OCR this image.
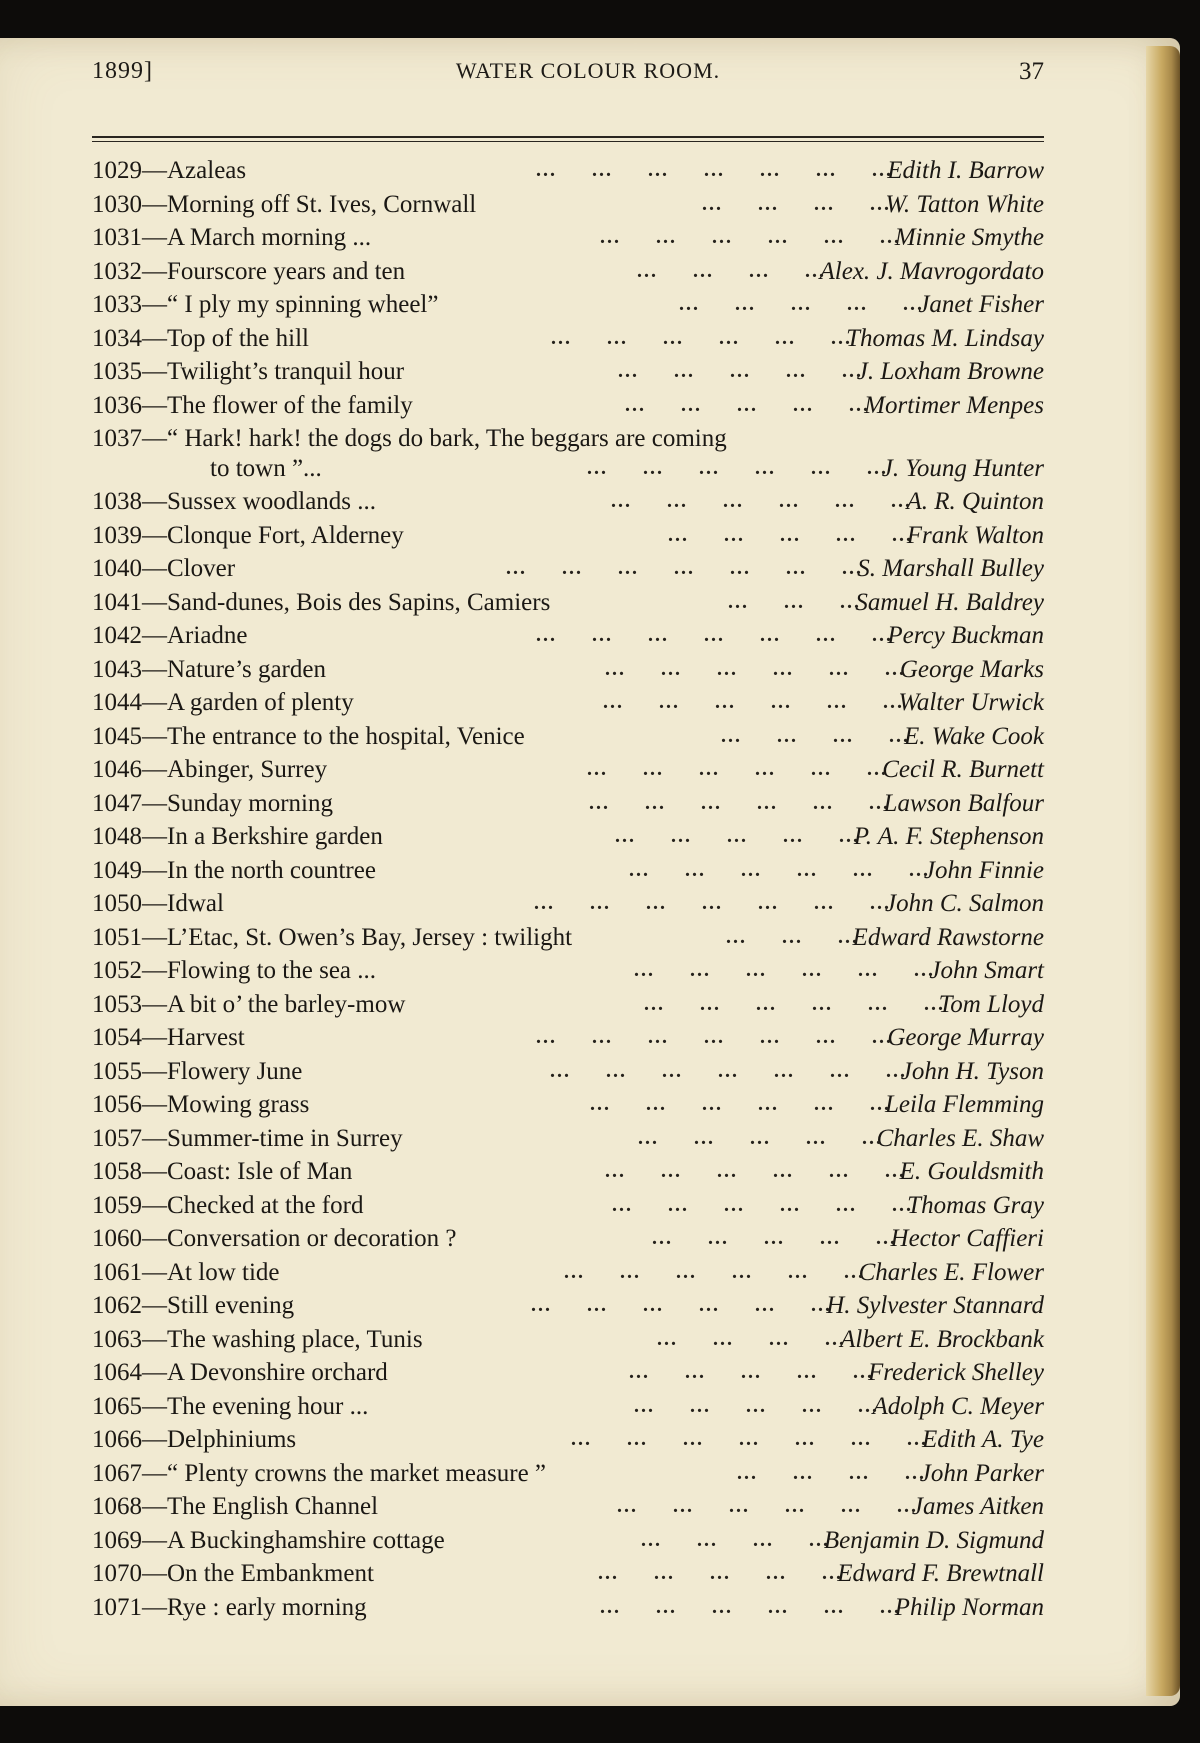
1899]	WATER COLOUR ROOM.	37
1029—Azaleas	Edith I. Barrow
... ... ... ... ... ... ...
1030—Morning off St. Ives, Cornwall	W. Tatton White
... ... ... ...
1031—A March morning ...	Minnie Smythe
... ... ... ... ... ...
1032—Fourscore years and ten	Alex. J. Mavrogordato
... ... ... ...
1033—“ I ply my spinning wheel”	Janet Fisher
... ... ... ... ...
1034—Top of the hill	Thomas M. Lindsay
... ... ... ... ... ...
1035—Twilight’s tranquil hour	J. Loxham Browne
... ... ... ... ...
1036—The flower of the family	Mortimer Menpes
... ... ... ... ...
1037—“ Hark! hark! the dogs do bark, The beggars are coming
to town ”...	J. Young Hunter
... ... ... ... ... ...
1038—Sussex woodlands ...	A. R. Quinton
... ... ... ... ... ...
1039—Clonque Fort, Alderney	Frank Walton
... ... ... ... ...
1040—Clover	S. Marshall Bulley
... ... ... ... ... ... ...
1041—Sand-dunes, Bois des Sapins, Camiers	Samuel H. Baldrey
... ... ...
1042—Ariadne	Percy Buckman
... ... ... ... ... ... ...
1043—Nature’s garden	George Marks
... ... ... ... ... ...
1044—A garden of plenty	Walter Urwick
... ... ... ... ... ...
1045—The entrance to the hospital, Venice	E. Wake Cook
... ... ... ...
1046—Abinger, Surrey	Cecil R. Burnett
... ... ... ... ... ...
1047—Sunday morning	Lawson Balfour
... ... ... ... ... ...
1048—In a Berkshire garden	P. A. F. Stephenson
... ... ... ... ...
1049—In the north countree	John Finnie
... ... ... ... ... ...
1050—Idwal	John C. Salmon
... ... ... ... ... ... ...
1051—L’Etac, St. Owen’s Bay, Jersey : twilight	Edward Rawstorne
... ... ...
1052—Flowing to the sea ...	John Smart
... ... ... ... ... ...
1053—A bit o’ the barley-mow	Tom Lloyd
... ... ... ... ... ...
1054—Harvest	George Murray
... ... ... ... ... ... ...
1055—Flowery June	John H. Tyson
... ... ... ... ... ... ...
1056—Mowing grass	Leila Flemming
... ... ... ... ... ...
1057—Summer-time in Surrey	Charles E. Shaw
... ... ... ... ...
1058—Coast: Isle of Man	E. Gouldsmith
... ... ... ... ... ...
1059—Checked at the ford	Thomas Gray
... ... ... ... ... ...
1060—Conversation or decoration ?	Hector Caffieri
... ... ... ... ...
1061—At low tide	Charles E. Flower
... ... ... ... ... ...
1062—Still evening	H. Sylvester Stannard
... ... ... ... ... ...
1063—The washing place, Tunis	Albert E. Brockbank
... ... ... ...
1064—A Devonshire orchard	Frederick Shelley
... ... ... ... ...
1065—The evening hour ...	Adolph C. Meyer
... ... ... ... ...
1066—Delphiniums	Edith A. Tye
... ... ... ... ... ... ...
1067—“ Plenty crowns the market measure ”	John Parker
... ... ... ...
1068—The English Channel	James Aitken
... ... ... ... ... ...
1069—A Buckinghamshire cottage	Benjamin D. Sigmund
... ... ... ...
1070—On the Embankment	Edward F. Brewtnall
... ... ... ... ...
1071—Rye : early morning	Philip Norman
... ... ... ... ... ...
